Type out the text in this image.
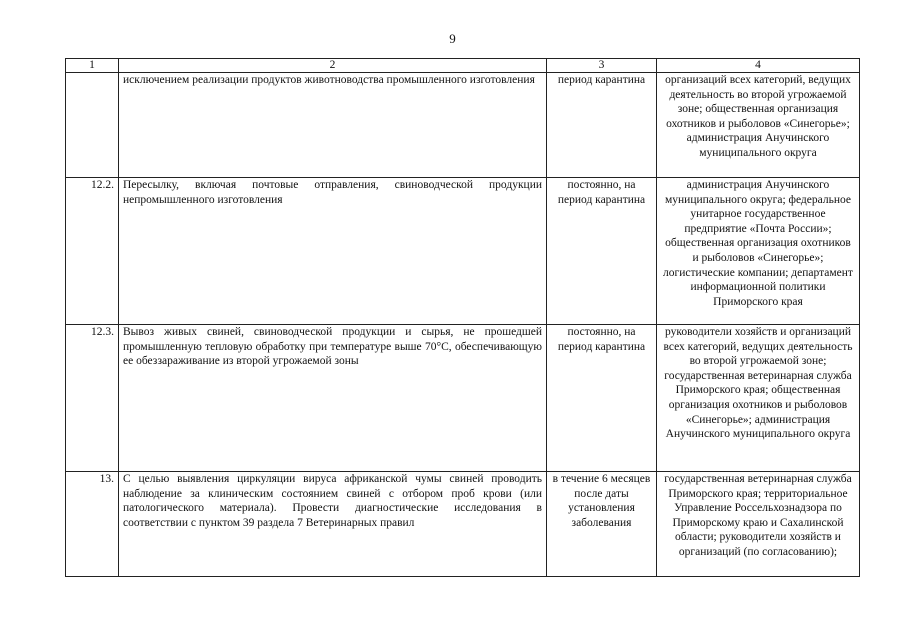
9
1	2	3	4
	исключением реализации продуктов животноводства промышленного изготовления	период карантина	организаций всех категорий, ведущих деятельность во второй угрожаемой зоне; общественная организация охотников и рыболовов «Синегорье»; администрация Анучинского муниципального округа
12.2.	Пересылку, включая почтовые отправления, свиноводческой продукции непромышленного изготовления	постоянно, на период карантина	администрация Анучинского муниципального округа; федеральное унитарное государственное предприятие «Почта России»; общественная организация охотников и рыболовов «Синегорье»; логистические компании; департамент информационной политики Приморского края
12.3.	Вывоз живых свиней, свиноводческой продукции и сырья, не прошедшей промышленную тепловую обработку при температуре выше 70°С, обеспечивающую ее обеззараживание из второй угрожаемой зоны	постоянно, на период карантина	руководители хозяйств и организаций всех категорий, ведущих деятельность во второй угрожаемой зоне; государственная ветеринарная служба Приморского края; общественная организация охотников и рыболовов «Синегорье»; администрация Анучинского муниципального округа
13.	С целью выявления циркуляции вируса африканской чумы свиней проводить наблюдение за клиническим состоянием свиней с отбором проб крови (или патологического материала). Провести диагностические исследования в соответствии с пунктом 39 раздела 7 Ветеринарных правил	в течение 6 месяцев после даты установления заболевания	государственная ветеринарная служба Приморского края; территориальное Управление Россельхознадзора по Приморскому краю и Сахалинской области; руководители хозяйств и организаций (по согласованию);
